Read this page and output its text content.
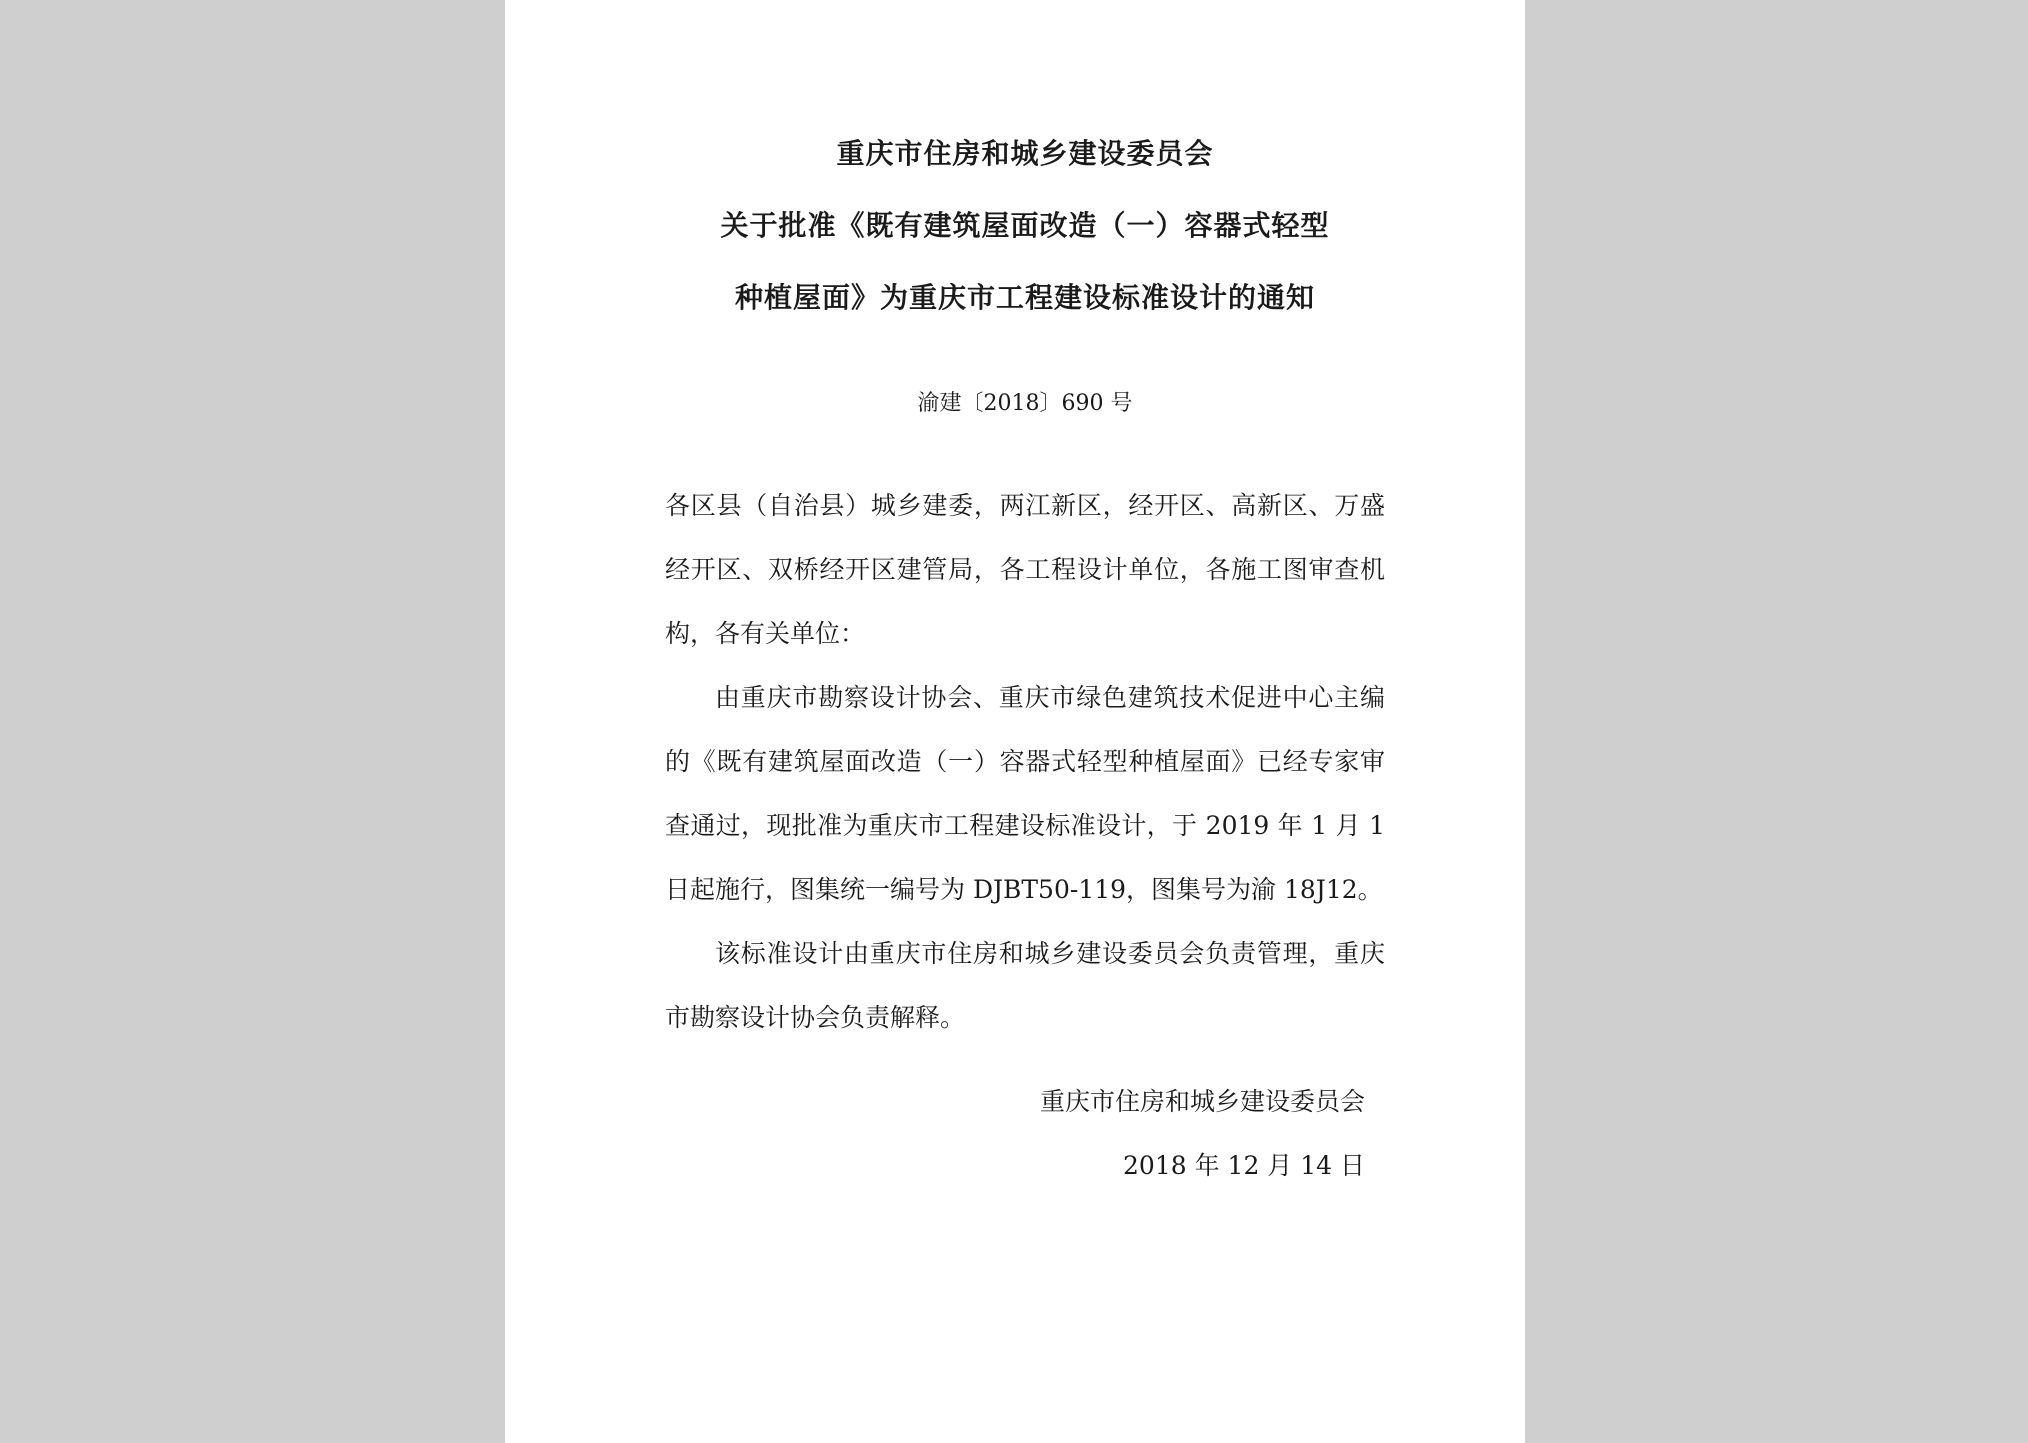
重庆市住房和城乡建设委员会
关于批准《既有建筑屋面改造（一）容器式轻型
种植屋面》为重庆市工程建设标准设计的通知
渝建〔2018〕690 号

各区县（自治县）城乡建委，两江新区，经开区、高新区、万盛经开区、双桥经开区建管局，各工程设计单位，各施工图审查机构，各有关单位：

由重庆市勘察设计协会、重庆市绿色建筑技术促进中心主编的《既有建筑屋面改造（一）容器式轻型种植屋面》已经专家审查通过，现批准为重庆市工程建设标准设计，于 2019 年 1 月 1 日起施行，图集统一编号为 DJBT50-119，图集号为渝 18J12。

该标准设计由重庆市住房和城乡建设委员会负责管理，重庆市勘察设计协会负责解释。

重庆市住房和城乡建设委员会
2018 年 12 月 14 日
